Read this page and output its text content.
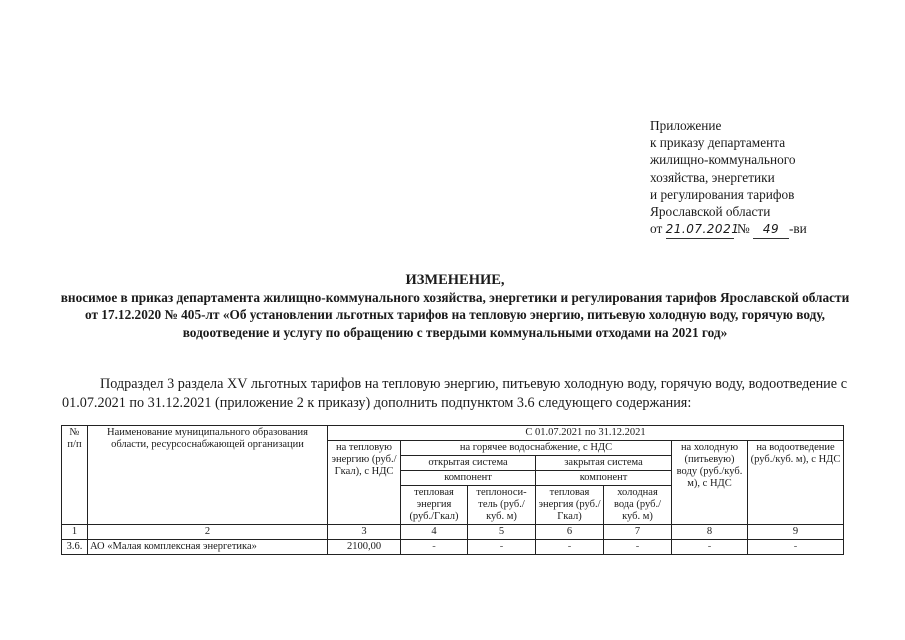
Приложение
к приказу департамента
жилищно-коммунального
хозяйства, энергетики
и регулирования тарифов
Ярославской области
от 21.07.2021 № 49 -ви
ИЗМЕНЕНИЕ,
вносимое в приказ департамента жилищно-коммунального хозяйства, энергетики и регулирования тарифов Ярославской области от 17.12.2020 № 405-лт «Об установлении льготных тарифов на тепловую энергию, питьевую холодную воду, горячую воду, водоотведение и услугу по обращению с твердыми коммунальными отходами на 2021 год»
Подраздел 3 раздела XV льготных тарифов на тепловую энергию, питьевую холодную воду, горячую воду, водоотведение с 01.07.2021 по 31.12.2021 (приложение 2 к приказу) дополнить подпунктом 3.6 следующего содержания:
№ п/п	Наименование муниципального образования области, ресурсоснабжающей организации	С 01.07.2021 по 31.12.2021						
		на тепловую энергию (руб./Гкал), с НДС	на горячее водоснабжение, с НДС				на холодную (питьевую) воду (руб./куб. м), с НДС	на водоотведение (руб./куб. м), с НДС
			открытая система		закрытая система			
			компонент		компонент			
			тепловая энергия (руб./Гкал)	теплоноси-тель (руб./куб. м)	тепловая энергия (руб./Гкал)	холодная вода (руб./куб. м)		
1	2	3	4	5	6	7	8	9
3.6.	АО «Малая комплексная энергетика»	2100,00	-	-	-	-	-	-
